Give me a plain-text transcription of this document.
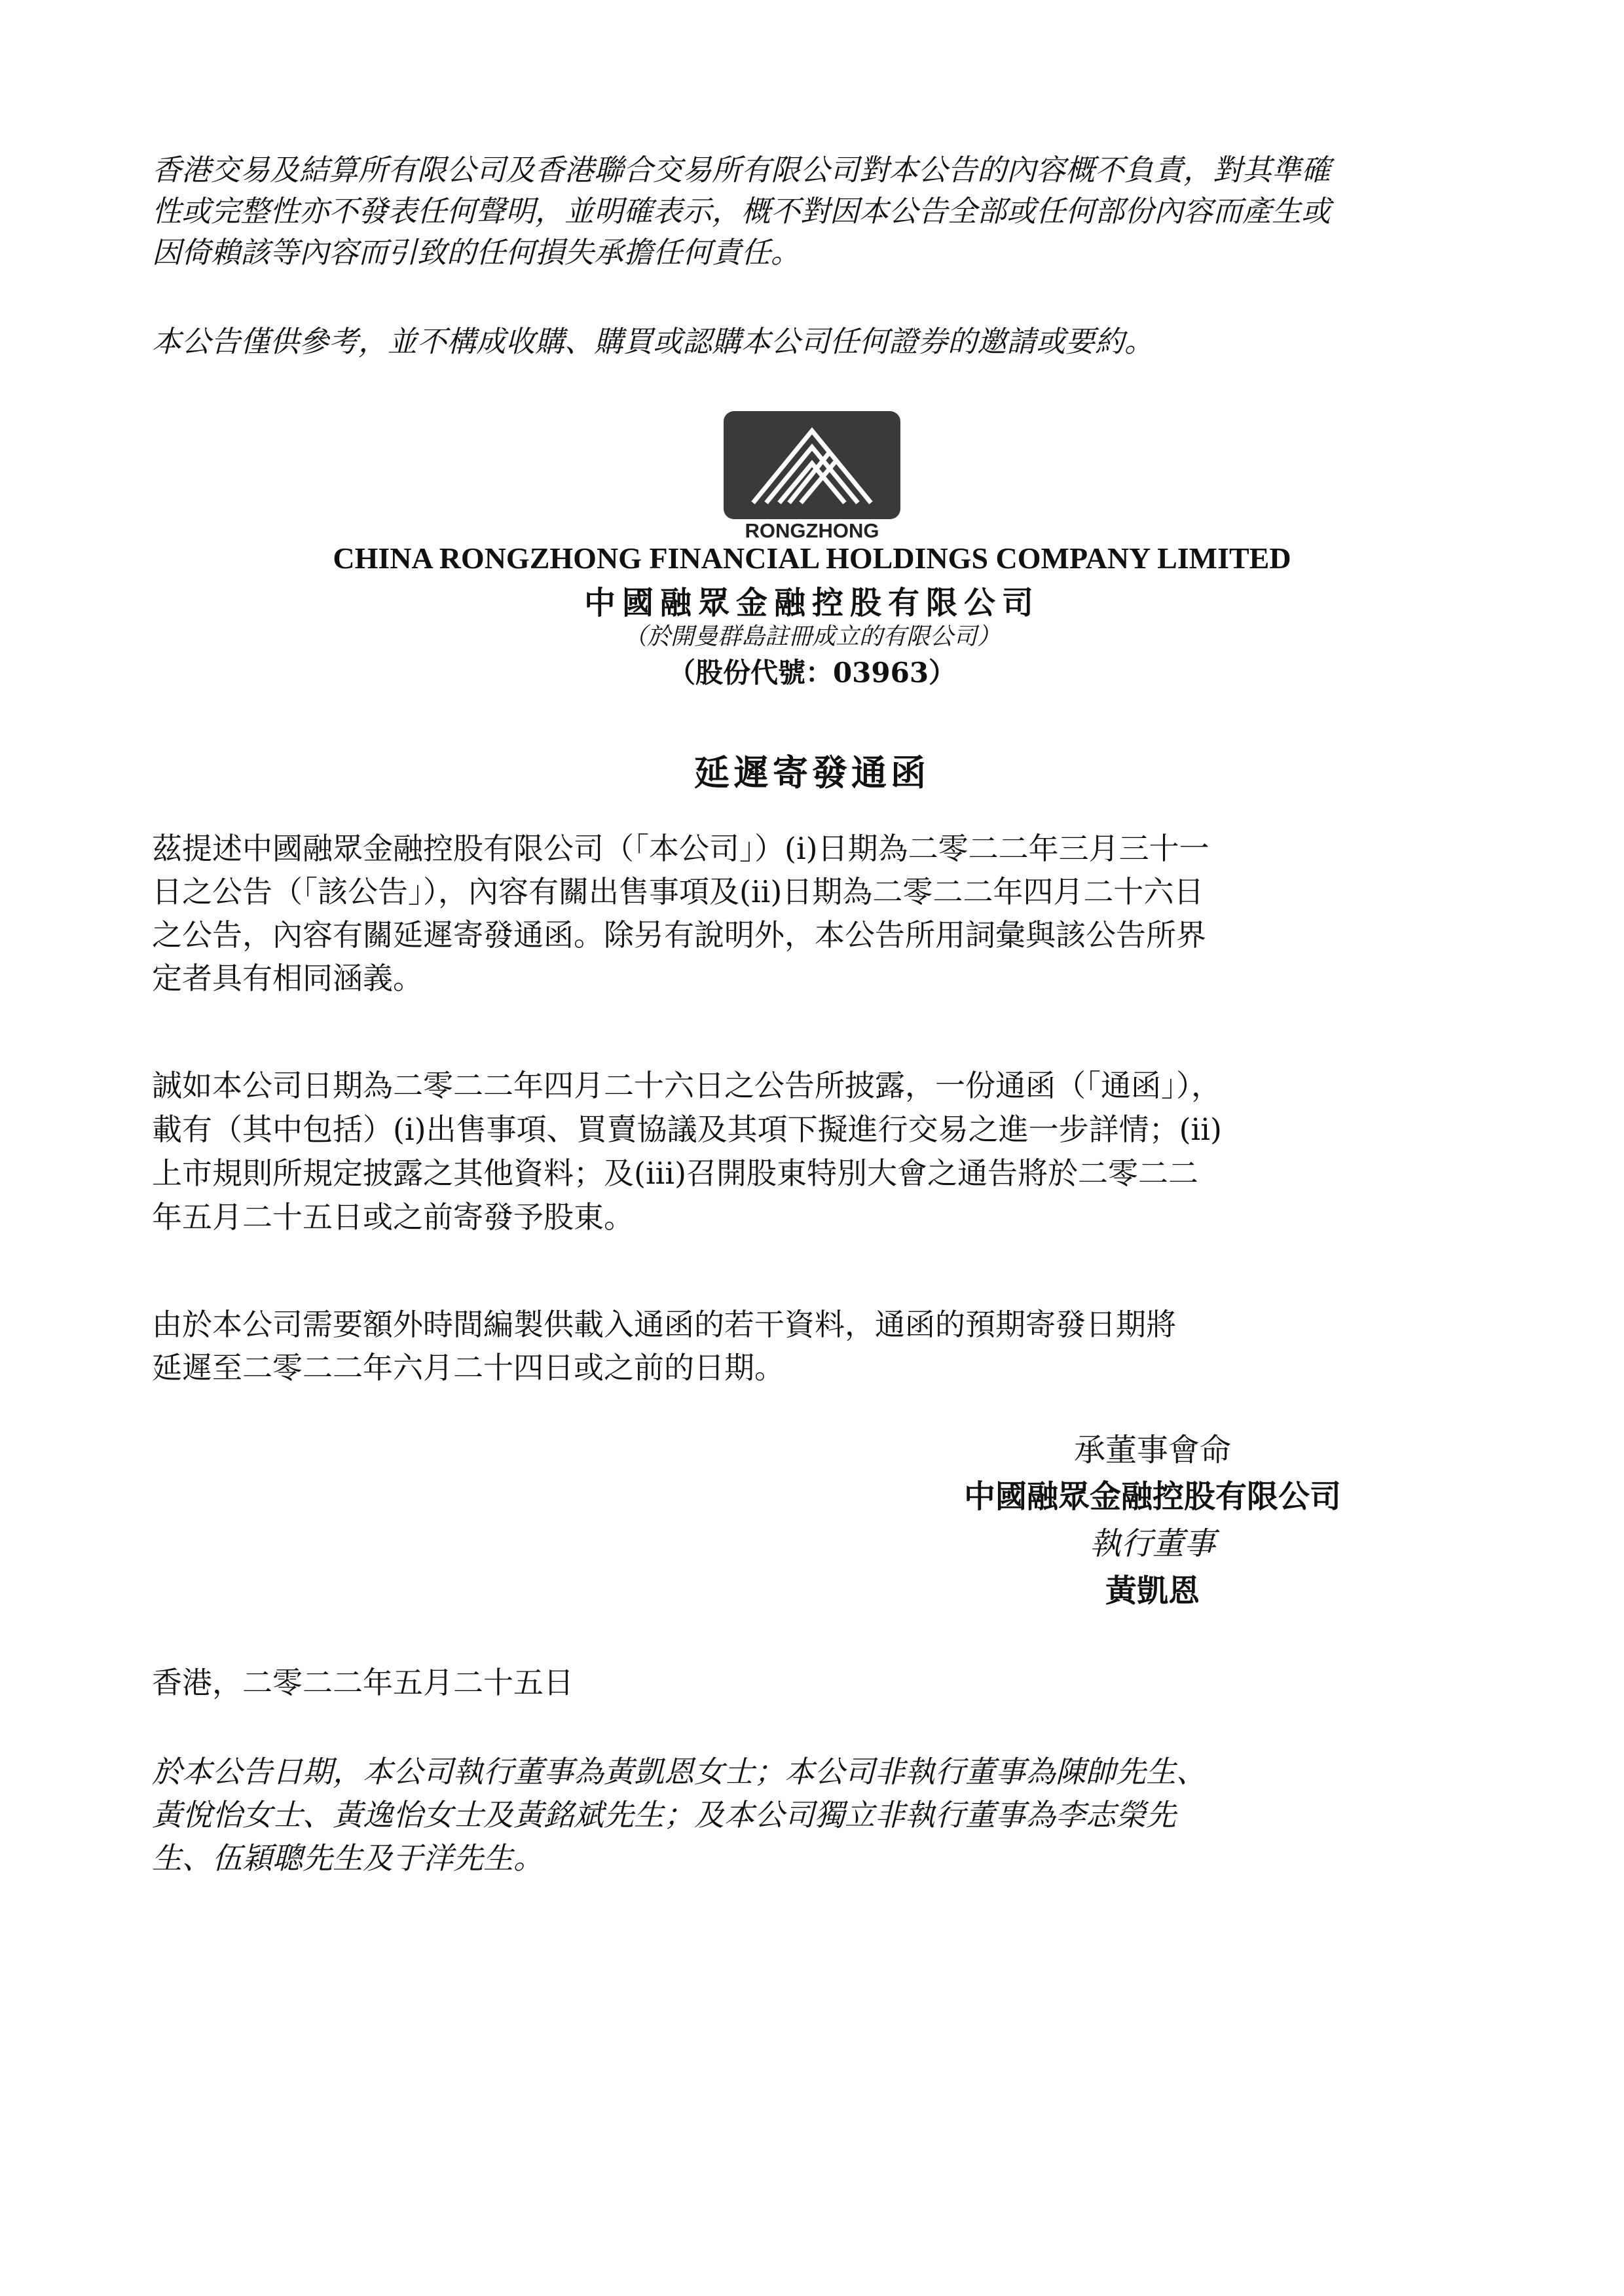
香港交易及結算所有限公司及香港聯合交易所有限公司對本公告的內容概不負責，對其準確
性或完整性亦不發表任何聲明，並明確表示，概不對因本公告全部或任何部份內容而產生或
因倚賴該等內容而引致的任何損失承擔任何責任。
本公告僅供參考，並不構成收購、購買或認購本公司任何證券的邀請或要約。
RONGZHONG
CHINA RONGZHONG FINANCIAL HOLDINGS COMPANY LIMITED
中國融眾金融控股有限公司
（於開曼群島註冊成立的有限公司）
（股份代號：03963）
延遲寄發通函
茲提述中國融眾金融控股有限公司（「本公司」）(i)日期為二零二二年三月三十一
日之公告（「該公告」），內容有關出售事項及(ii)日期為二零二二年四月二十六日
之公告，內容有關延遲寄發通函。除另有說明外，本公告所用詞彙與該公告所界
定者具有相同涵義。
誠如本公司日期為二零二二年四月二十六日之公告所披露，一份通函（「通函」），
載有（其中包括）(i)出售事項、買賣協議及其項下擬進行交易之進一步詳情；(ii)
上市規則所規定披露之其他資料；及(iii)召開股東特別大會之通告將於二零二二
年五月二十五日或之前寄發予股東。
由於本公司需要額外時間編製供載入通函的若干資料，通函的預期寄發日期將
延遲至二零二二年六月二十四日或之前的日期。
承董事會命
中國融眾金融控股有限公司
執行董事
黃凱恩
香港，二零二二年五月二十五日
於本公告日期，本公司執行董事為黃凱恩女士；本公司非執行董事為陳帥先生、
黃悅怡女士、黃逸怡女士及黃銘斌先生；及本公司獨立非執行董事為李志榮先
生、伍穎聰先生及于洋先生。
